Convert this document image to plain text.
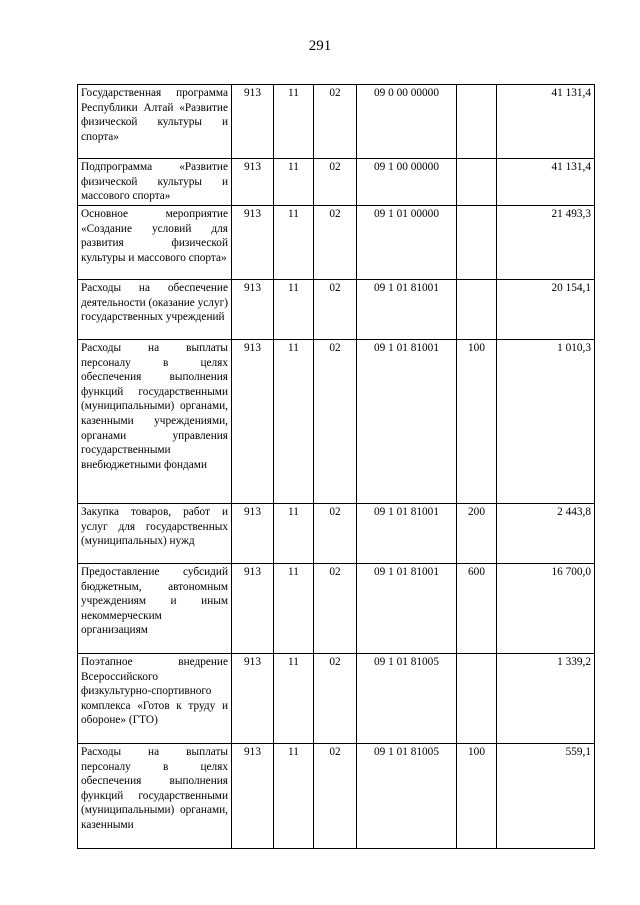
291
Государственная программа Республики Алтай «Развитие физической культуры и спорта»	913	11	02	09 0 00 00000		41 131,4
Подпрограмма «Развитие физической культуры и массового спорта»	913	11	02	09 1 00 00000		41 131,4
Основное мероприятие «Создание условий для развития физической культуры и массового спорта»	913	11	02	09 1 01 00000		21 493,3
Расходы на обеспечение деятельности (оказание услуг) государственных учреждений	913	11	02	09 1 01 81001		20 154,1
Расходы на выплаты персоналу в целях обеспечения выполнения функций государственными (муниципальными) органами, казенными учреждениями, органами управления государственными внебюджетными фондами	913	11	02	09 1 01 81001	100	1 010,3
Закупка товаров, работ и услуг для государственных (муниципальных) нужд	913	11	02	09 1 01 81001	200	2 443,8
Предоставление субсидий бюджетным, автономным учреждениям и иным некоммерческим организациям	913	11	02	09 1 01 81001	600	16 700,0
Поэтапное внедрение Всероссийского физкультурно-спортивного комплекса «Готов к труду и обороне» (ГТО)	913	11	02	09 1 01 81005		1 339,2
Расходы на выплаты персоналу в целях обеспечения выполнения функций государственными (муниципальными) органами, казенными	913	11	02	09 1 01 81005	100	559,1
